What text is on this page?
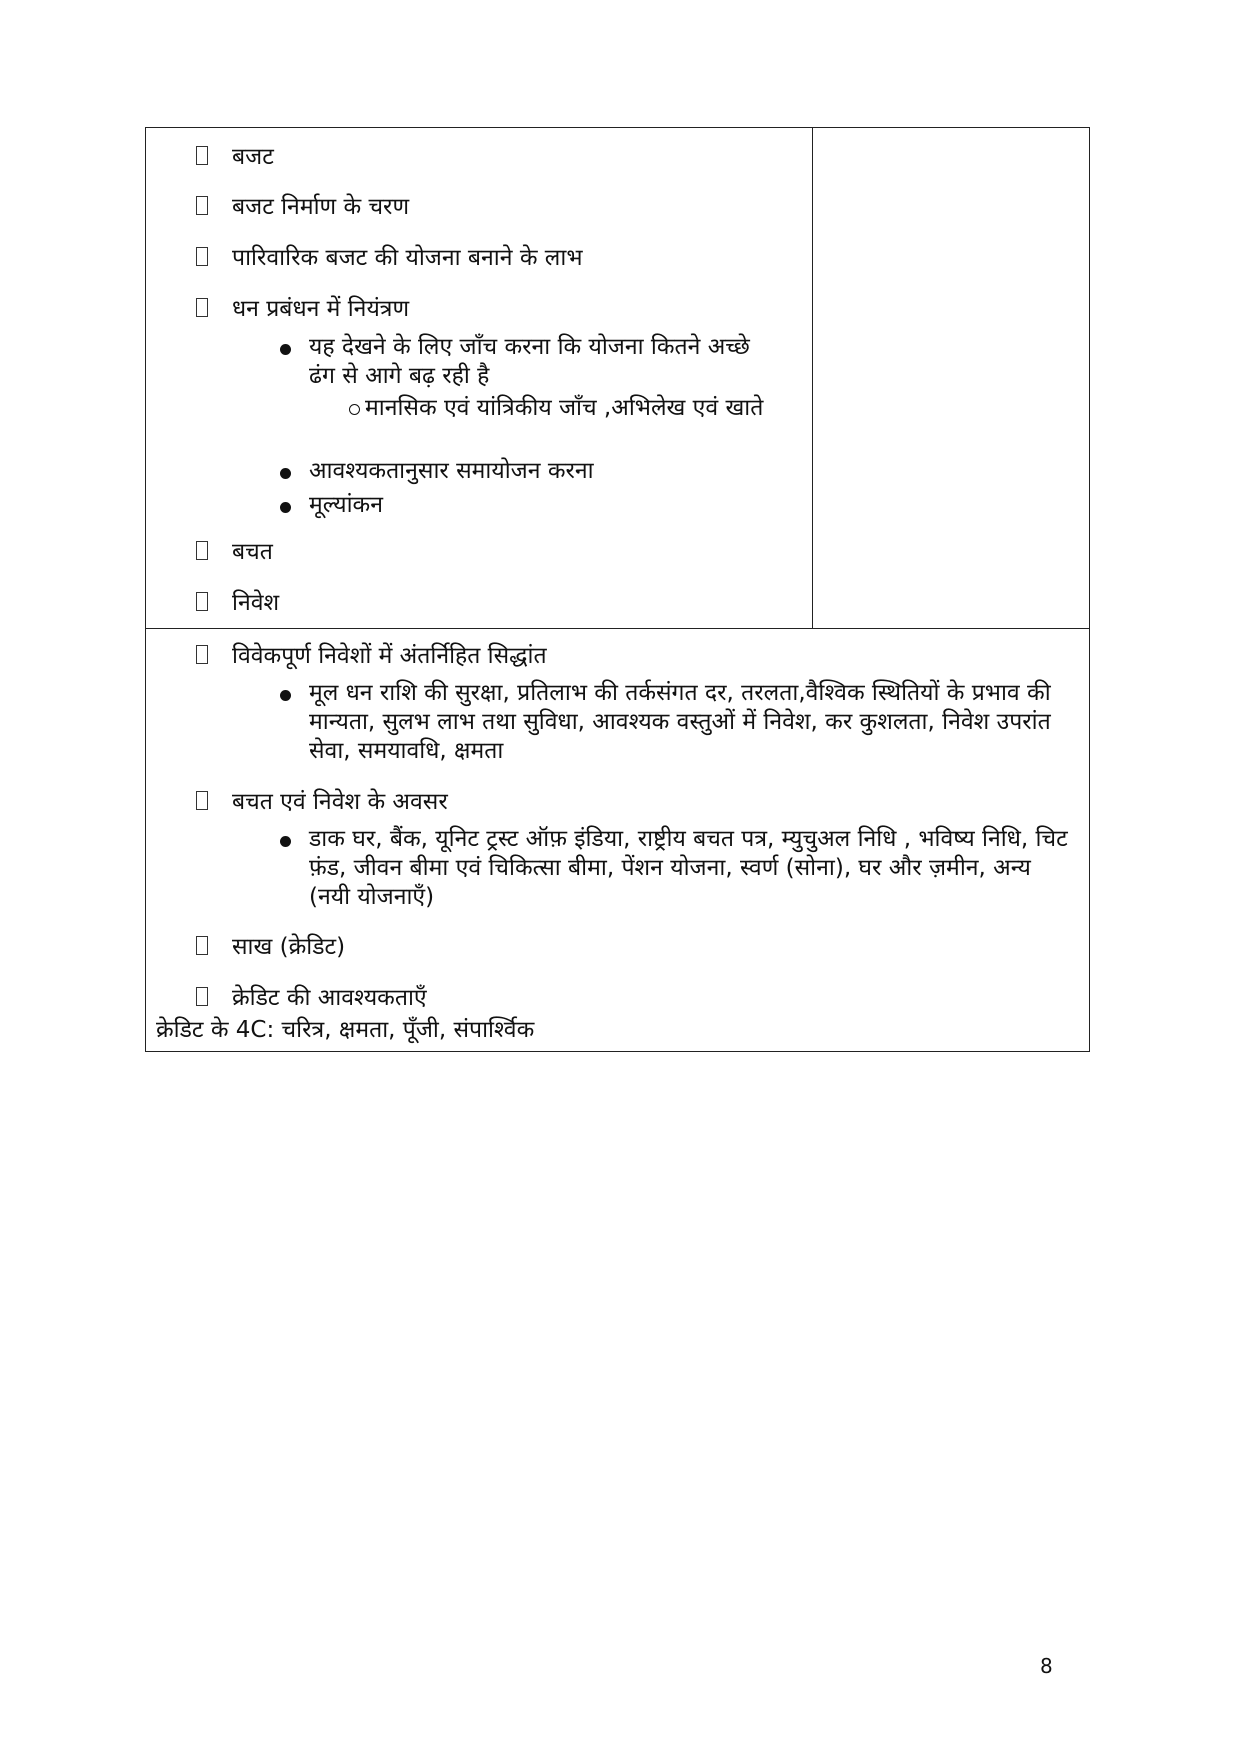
बजट
बजट निर्माण के चरण
पारिवारिक बजट की योजना बनाने के लाभ
धन प्रबंधन में नियंत्रण
यह देखने के लिए जाँच करना कि योजना कितने अच्छे ढंग से आगे बढ़ रही है
मानसिक एवं यांत्रिकीय जाँच ,अभिलेख एवं खाते
आवश्यकतानुसार समायोजन करना
मूल्यांकन
बचत
निवेश
विवेकपूर्ण निवेशों में अंतर्निहित सिद्धांत
मूल धन राशि की सुरक्षा, प्रतिलाभ की तर्कसंगत दर, तरलता,वैश्विक स्थितियों के प्रभाव की मान्यता, सुलभ लाभ तथा सुविधा, आवश्यक वस्तुओं में निवेश, कर कुशलता, निवेश उपरांत सेवा, समयावधि, क्षमता
बचत एवं निवेश के अवसर
डाक घर, बैंक, यूनिट ट्रस्ट ऑफ़ इंडिया, राष्ट्रीय बचत पत्र, म्युचुअल निधि , भविष्य निधि, चिट फ़ंड, जीवन बीमा एवं चिकित्सा बीमा, पेंशन योजना, स्वर्ण (सोना), घर और ज़मीन, अन्य (नयी योजनाएँ)
साख (क्रेडिट)
क्रेडिट की आवश्यकताएँ
क्रेडिट के 4C: चरित्र, क्षमता, पूँजी, संपार्श्विक
8
